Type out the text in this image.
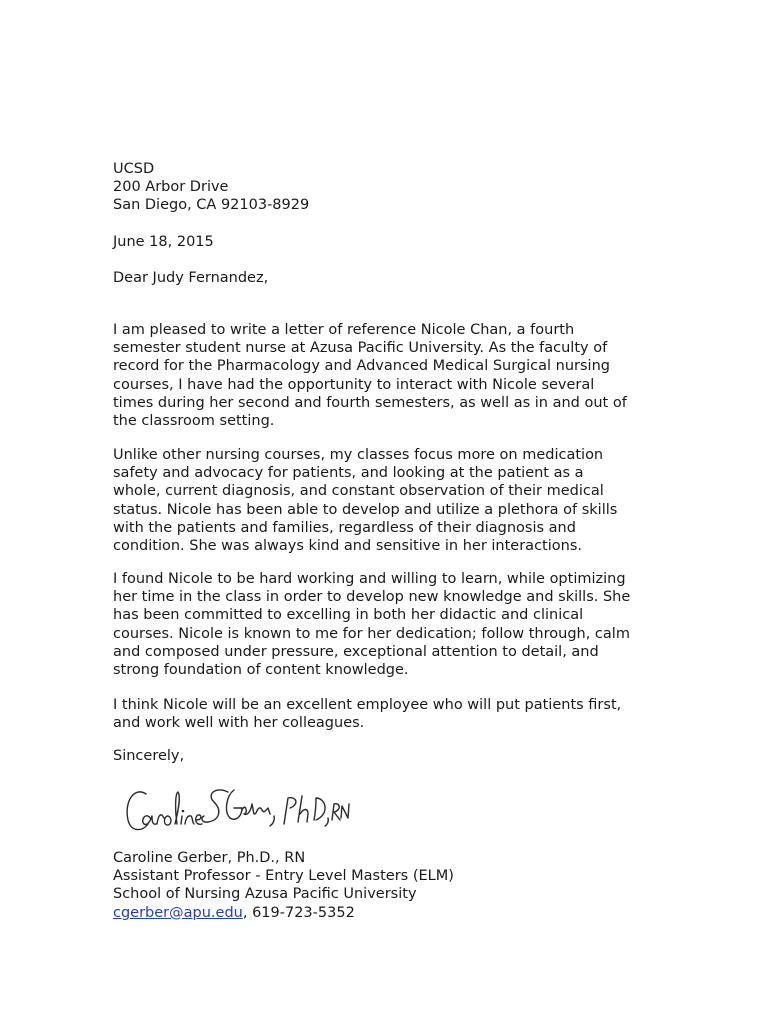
UCSD
200 Arbor Drive
San Diego, CA 92103-8929
June 18, 2015
Dear Judy Fernandez,
I am pleased to write a letter of reference Nicole Chan, a fourth
semester student nurse at Azusa Pacific University. As the faculty of
record for the Pharmacology and Advanced Medical Surgical nursing
courses, I have had the opportunity to interact with Nicole several
times during her second and fourth semesters, as well as in and out of
the classroom setting.
Unlike other nursing courses, my classes focus more on medication
safety and advocacy for patients, and looking at the patient as a
whole, current diagnosis, and constant observation of their medical
status. Nicole has been able to develop and utilize a plethora of skills
with the patients and families, regardless of their diagnosis and
condition. She was always kind and sensitive in her interactions.
I found Nicole to be hard working and willing to learn, while optimizing
her time in the class in order to develop new knowledge and skills. She
has been committed to excelling in both her didactic and clinical
courses. Nicole is known to me for her dedication; follow through, calm
and composed under pressure, exceptional attention to detail, and
strong foundation of content knowledge.
I think Nicole will be an excellent employee who will put patients first,
and work well with her colleagues.
Sincerely,
Caroline Gerber, Ph.D., RN
Assistant Professor - Entry Level Masters (ELM)
School of Nursing Azusa Pacific University
cgerber@apu.edu, 619-723-5352
